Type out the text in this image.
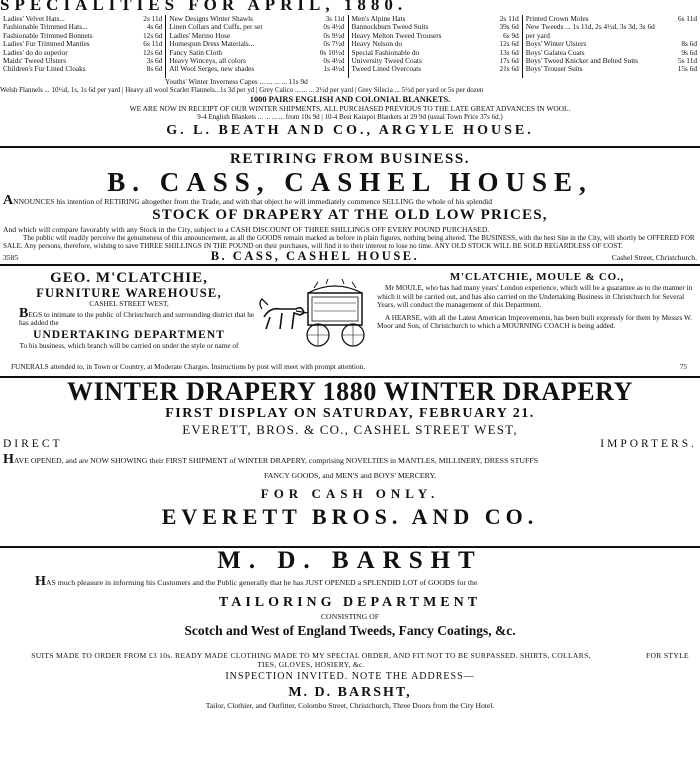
SPECIALITIES FOR APRIL, 1880.
Ladies' Velvet Hats...	2s 11d
Fashionable Trimmed Hats...	4s 6d
Fashionable Trimmed Bonnets	12s 6d
Ladies' Fur Trimmed Mantles	6s 11d
Ladies' do do superior	12s 6d
Maids' Tweed Ulsters	3s 6d
Children's Fur Lined Cloaks	8s 6d
New Designs Winter Shawls	3s 11d
Linen Collars and Cuffs, per set	0s 4½d
Ladies' Merino Hose	0s 9½d
Homespun Dress Materials...	0s 7½d
Fancy Satin Cloth	0s 10½d
Heavy Winceys, all colors	0s 4½d
All Wool Serges, new shades	1s 4½d
Men's Alpine Hats	2s 11d
Bannockburn Tweed Suits	39s 6d
Heavy Melton Tweed Trousers	6s 9d
Heavy Nelson do	12s 6d
Special Fashionable do	13s 6d
University Tweed Coats	17s 6d
Tweed Lined Overcoats	21s 6d
Printed Crown Moles	6s 11d
New Tweeds ... 1s 11d, 2s 4½d, 3s 3d, 3s 6d
per yard
Boys' Winter Ulsters	8s 6d
Boys' Galatea Coats	9s 6d
Boys' Tweed Knicker and Belted Suits	5s 11d
Boys' Trouser Suits	15s 6d
Youths' Winter Inverness Capes ... ... ... ... 11s 9d
Welsh Flannels ... 10½d, 1s, 1s 6d per yard | Heavy all wool Scarlet Flannels...1s 3d per yd | Grey Calico ... ... ... 2½d per yard | Grey Silecia ... 5½d per yard or 5s per dozen
1000 PAIRS ENGLISH AND COLONIAL BLANKETS.
WE ARE NOW IN RECEIPT OF OUR WINTER SHIPMENTS, ALL PURCHASED PREVIOUS TO THE LATE GREAT ADVANCES IN WOOL.
9-4 English Blankets ... ... ... ... from 10s 9d | 10-4 Best Kaiapoi Blankets at 29 9d (usual Town Price 37s 6d.)
G. L. BEATH AND CO., ARGYLE HOUSE.
RETIRING FROM BUSINESS.
B. CASS, CASHEL HOUSE,
ANNOUNCES his intention of RETIRING altogether from the Trade, and with that object he will immediately commence SELLING the whole of his splendid
STOCK OF DRAPERY AT THE OLD LOW PRICES,
And which will compare favorably with any Stock in the City, subject to a CASH DISCOUNT OF THREE SHILLINGS OFF EVERY POUND PURCHASED.
The public will readily perceive the genuineness of this announcement, as all the GOODS remain marked as before in plain figures, nothing being altered. The BUSINESS, with the best Site in the City, will shortly be OFFERED FOR SALE. Any persons, therefore, wishing to save THREE SHILLINGS IN THE POUND on their purchases, will find it to their interest to lose no time. ANY OLD STOCK WILL BE SOLD REGARDLESS OF COST.
3585	B. CASS, CASHEL HOUSE.	Cashel Street, Christchurch.
GEO. M'CLATCHIE,
FURNITURE WAREHOUSE,
CASHEL STREET WEST,
BEGS to intimate to the public of Christchurch and surrounding district that he has added the
UNDERTAKING DEPARTMENT
To his business, which branch will be carried on under the style or name of
M'CLATCHIE, MOULE & CO.,
Mr MOULE, who has had many years' London experience, which will be a guarantee as to the manner in which it will be carried out, and has also carried on the Undertaking Business in Christchurch for Several Years, will conduct the management of this Department.
A HEARSE, with all the Latest American Improvements, has been built expressly for them by Messrs W. Moor and Son, of Christchurch to which a MOURNING COACH is being added.
FUNERALS attended to, in Town or Country, at Moderate Charges. Instructions by post will meet with prompt attention.	75
WINTER DRAPERY 1880 WINTER DRAPERY
FIRST DISPLAY ON SATURDAY, FEBRUARY 21.
EVERETT, BROS. & CO., CASHEL STREET WEST,
DIRECT	IMPORTERS.
HAVE OPENED, and are NOW SHOWING their FIRST SHIPMENT of WINTER DRAPERY, comprising NOVELTIES in MANTLES, MILLINERY, DRESS STUFFS
FANCY GOODS, and MEN'S and BOYS' MERCERY.
FOR CASH ONLY.
EVERETT BROS. AND CO.
M. D. BARSHT
HAS much pleasure in informing his Customers and the Public generally that he has JUST OPENED a SPLENDID LOT of GOODS for the
TAILORING DEPARTMENT
CONSISTING OF
Scotch and West of England Tweeds, Fancy Coatings, &c.
SUITS MADE TO ORDER FROM £3 10s. READY MADE CLOTHING MADE TO MY SPECIAL ORDER, AND FIT NOT TO BE SURPASSED. SHIRTS, COLLARS, TIES, GLOVES, HOSIERY, &c.
FOR STYLE
INSPECTION INVITED. NOTE THE ADDRESS—
M. D. BARSHT,
Tailor, Clothier, and Outfitter, Colombo Street, Christchurch, Three Doors from the City Hotel.
